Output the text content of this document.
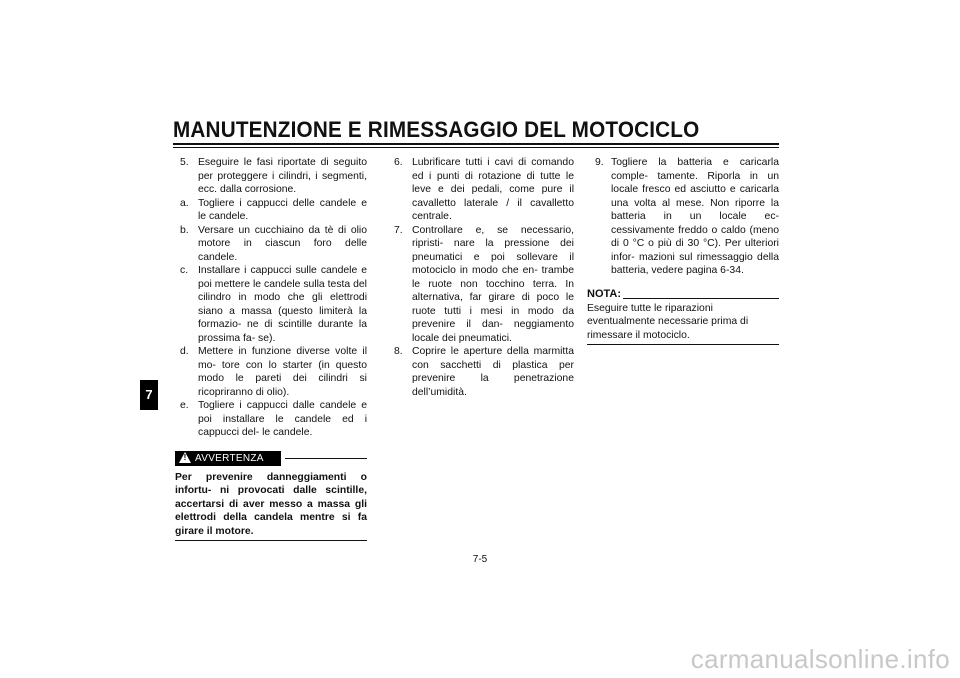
MANUTENZIONE E RIMESSAGGIO DEL MOTOCICLO
7
5. Eseguire le fasi riportate di seguito per proteggere i cilindri, i segmenti, ecc. dalla corrosione.
a. Togliere i cappucci delle candele e le candele.
b. Versare un cucchiaino da tè di olio motore in ciascun foro delle candele.
c. Installare i cappucci sulle candele e poi mettere le candele sulla testa del cilindro in modo che gli elettrodi siano a massa (questo limiterà la formazio- ne di scintille durante la prossima fa- se).
d. Mettere in funzione diverse volte il mo- tore con lo starter (in questo modo le pareti dei cilindri si ricopriranno di olio).
e. Togliere i cappucci dalle candele e poi installare le candele ed i cappucci del- le candele.
! AVVERTENZA
Per prevenire danneggiamenti o infortu- ni provocati dalle scintille, accertarsi di aver messo a massa gli elettrodi della candela mentre si fa girare il motore.
6. Lubrificare tutti i cavi di comando ed i punti di rotazione di tutte le leve e dei pedali, come pure il cavalletto laterale / il cavalletto centrale.
7. Controllare e, se necessario, ripristi- nare la pressione dei pneumatici e poi sollevare il motociclo in modo che en- trambe le ruote non tocchino terra. In alternativa, far girare di poco le ruote tutti i mesi in modo da prevenire il dan- neggiamento locale dei pneumatici.
8. Coprire le aperture della marmitta con sacchetti di plastica per prevenire la penetrazione dell’umidità.
9. Togliere la batteria e caricarla comple- tamente. Riporla in un locale fresco ed asciutto e caricarla una volta al mese. Non riporre la batteria in un locale ec- cessivamente freddo o caldo (meno di 0 °C o più di 30 °C). Per ulteriori infor- mazioni sul rimessaggio della batteria, vedere pagina 6-34.
NOTA:
Eseguire tutte le riparazioni eventualmente necessarie prima di rimessare il motociclo.
7-5
carmanualsonline.info
